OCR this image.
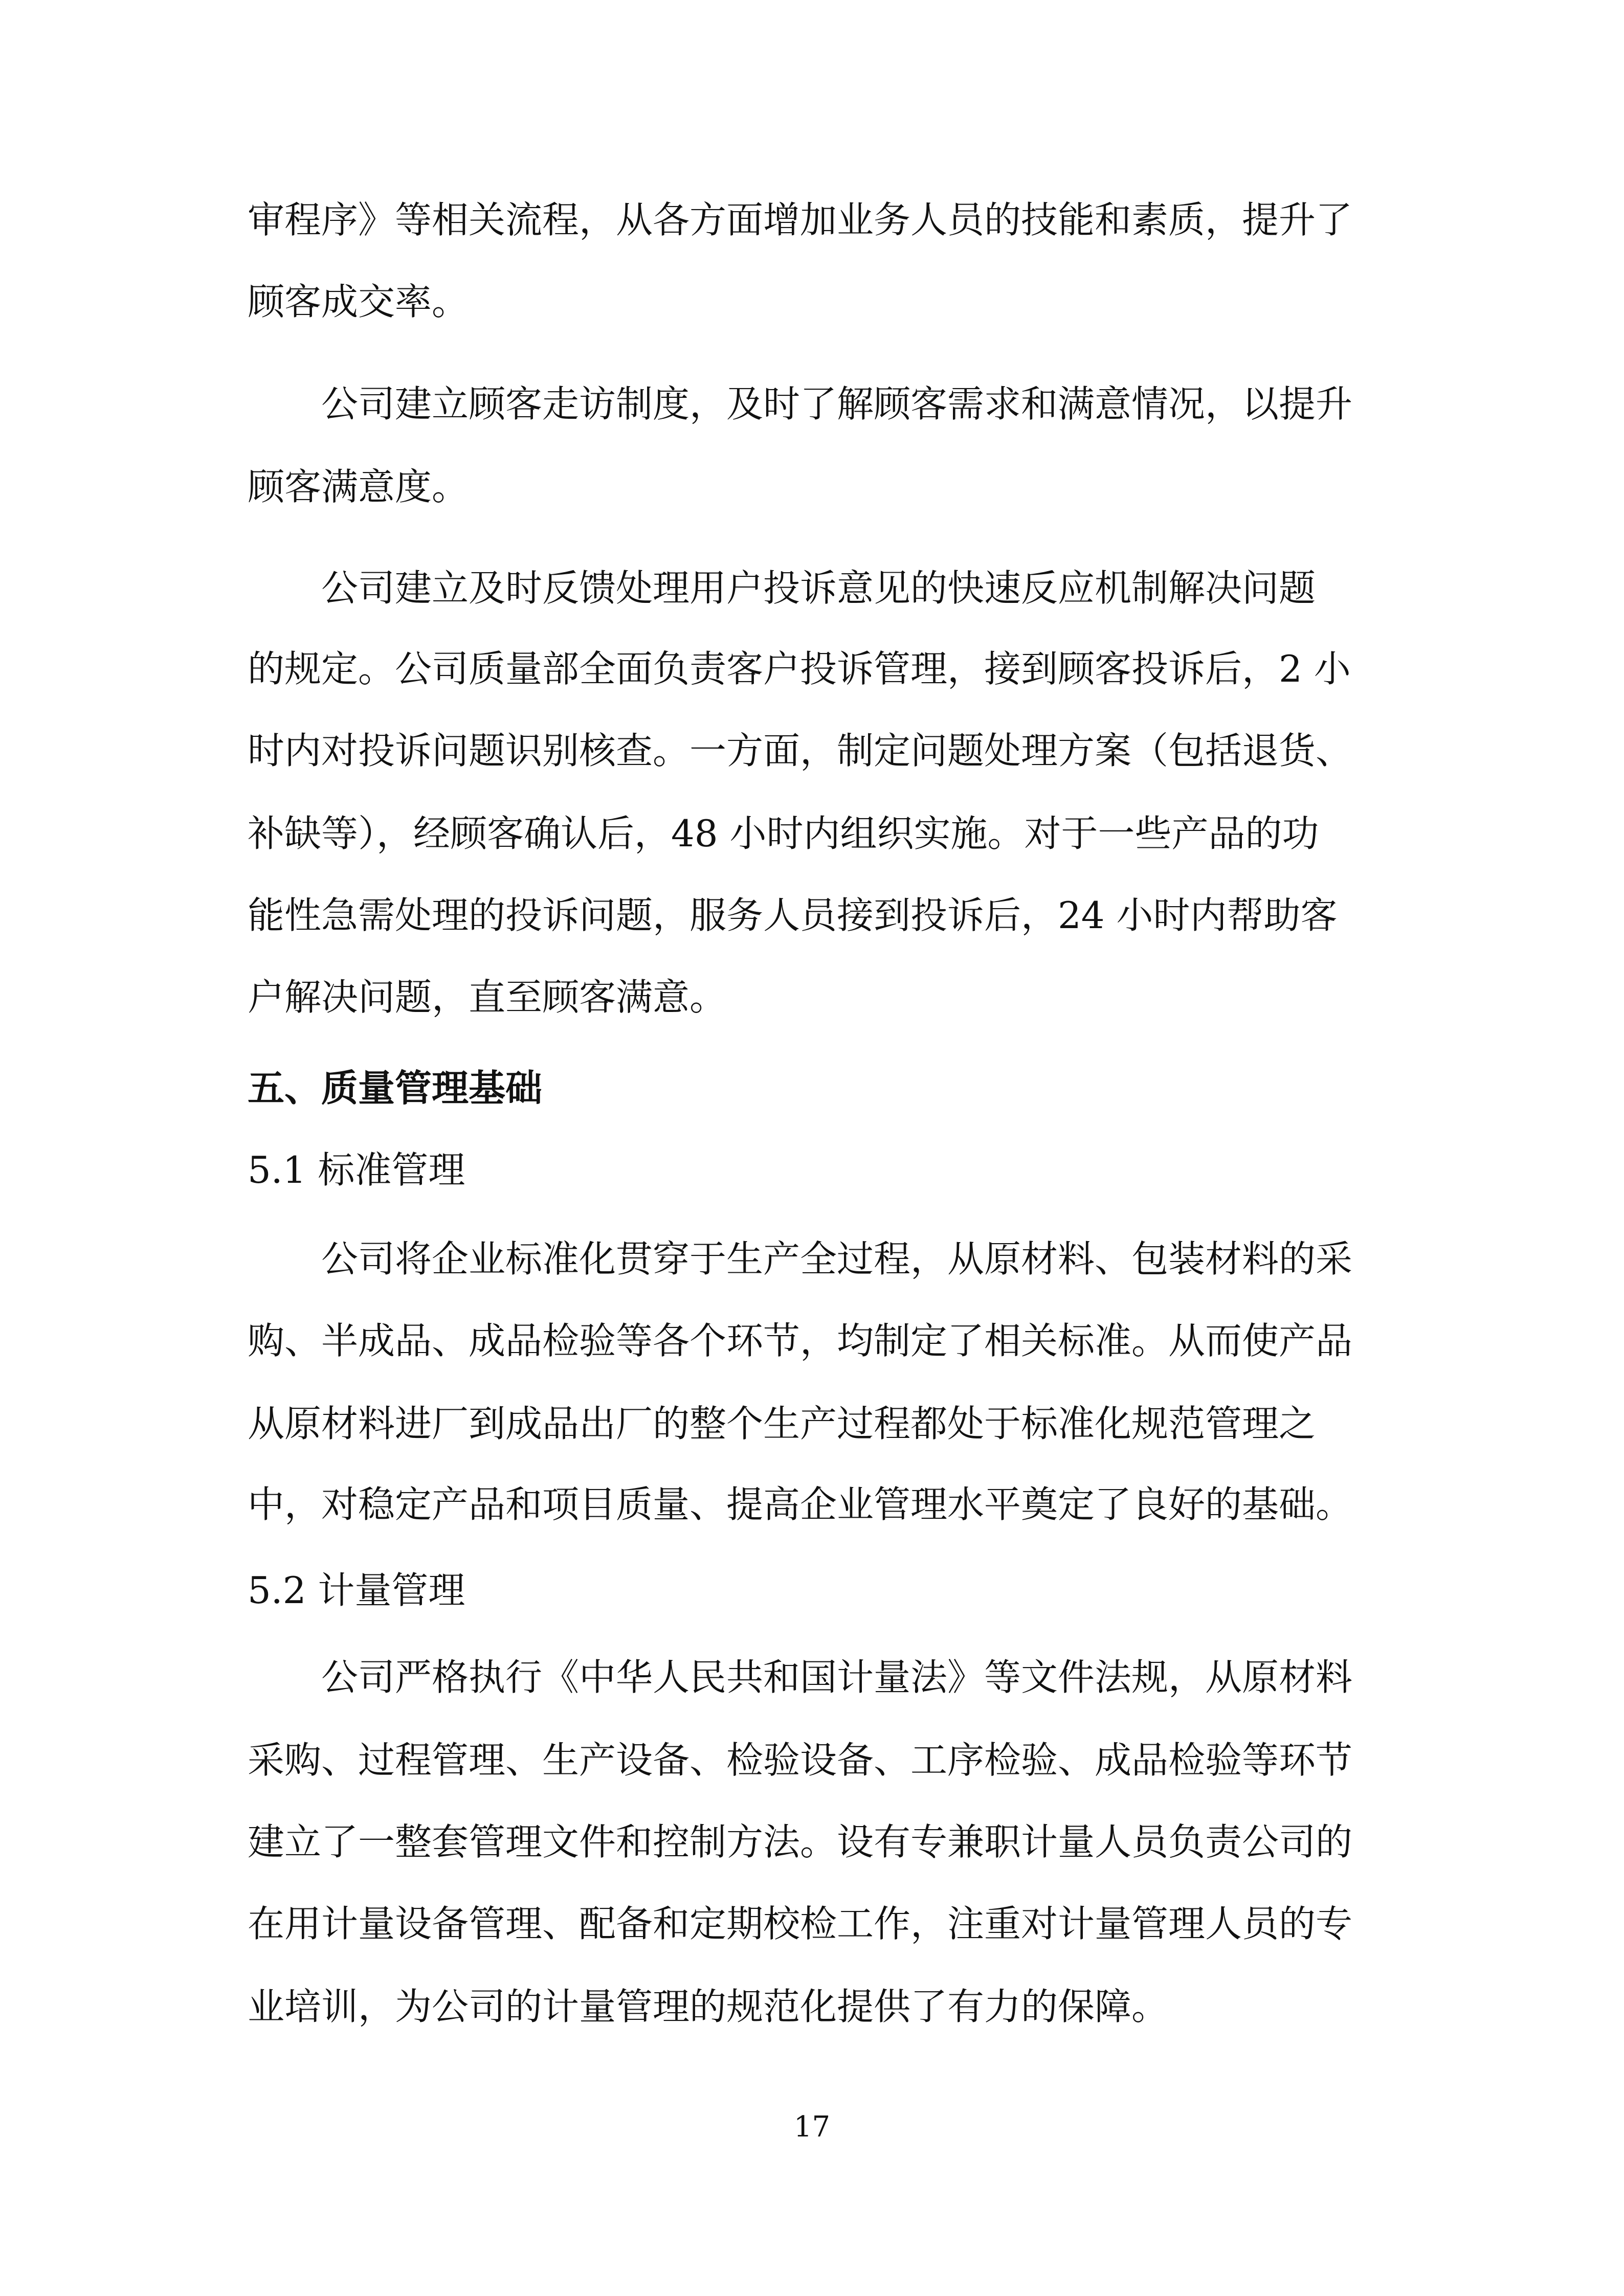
审程序》等相关流程，从各方面增加业务人员的技能和素质，提升了
顾客成交率。
　　公司建立顾客走访制度，及时了解顾客需求和满意情况，以提升
顾客满意度。
　　公司建立及时反馈处理用户投诉意见的快速反应机制解决问题
的规定。公司质量部全面负责客户投诉管理，接到顾客投诉后，2 小
时内对投诉问题识别核查。一方面，制定问题处理方案（包括退货、
补缺等），经顾客确认后，48 小时内组织实施。对于一些产品的功
能性急需处理的投诉问题，服务人员接到投诉后，24 小时内帮助客
户解决问题，直至顾客满意。
五、质量管理基础
5.1 标准管理
　　公司将企业标准化贯穿于生产全过程，从原材料、包装材料的采
购、半成品、成品检验等各个环节，均制定了相关标准。从而使产品
从原材料进厂到成品出厂的整个生产过程都处于标准化规范管理之
中，对稳定产品和项目质量、提高企业管理水平奠定了良好的基础。
5.2 计量管理
　　公司严格执行《中华人民共和国计量法》等文件法规，从原材料
采购、过程管理、生产设备、检验设备、工序检验、成品检验等环节
建立了一整套管理文件和控制方法。设有专兼职计量人员负责公司的
在用计量设备管理、配备和定期校检工作，注重对计量管理人员的专
业培训，为公司的计量管理的规范化提供了有力的保障。
17
